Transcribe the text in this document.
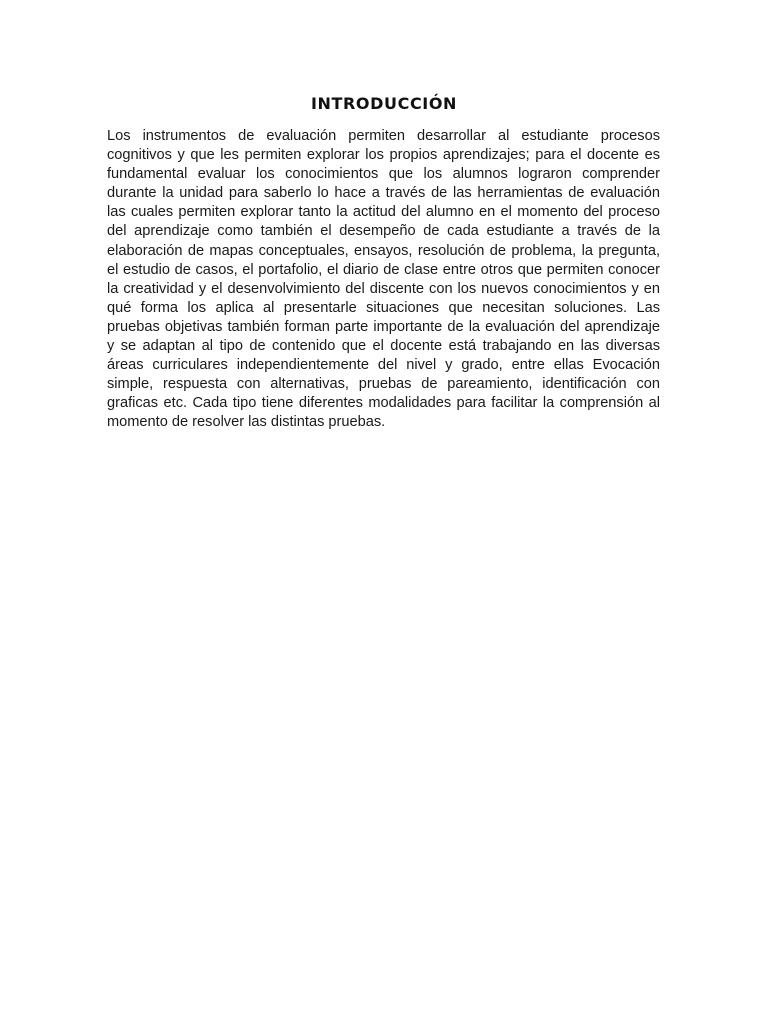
INTRODUCCIÓN

Los instrumentos de evaluación permiten desarrollar al estudiante procesos cognitivos y que les permiten explorar los propios aprendizajes; para el docente es fundamental evaluar los conocimientos que los alumnos lograron comprender durante la unidad para saberlo lo hace a través de las herramientas de evaluación las cuales permiten explorar tanto la actitud del alumno en el momento del proceso del aprendizaje como también el desempeño de cada estudiante a través de la elaboración de mapas conceptuales, ensayos, resolución de problema, la pregunta, el estudio de casos, el portafolio, el diario de clase entre otros que permiten conocer la creatividad y el desenvolvimiento del discente con los nuevos conocimientos y en qué forma los aplica al presentarle situaciones que necesitan soluciones. Las pruebas objetivas también forman parte importante de la evaluación del aprendizaje y se adaptan al tipo de contenido que el docente está trabajando en las diversas áreas curriculares independientemente del nivel y grado, entre ellas Evocación simple, respuesta con alternativas, pruebas de pareamiento, identificación con graficas etc. Cada tipo tiene diferentes modalidades para facilitar la comprensión al momento de resolver las distintas pruebas.
